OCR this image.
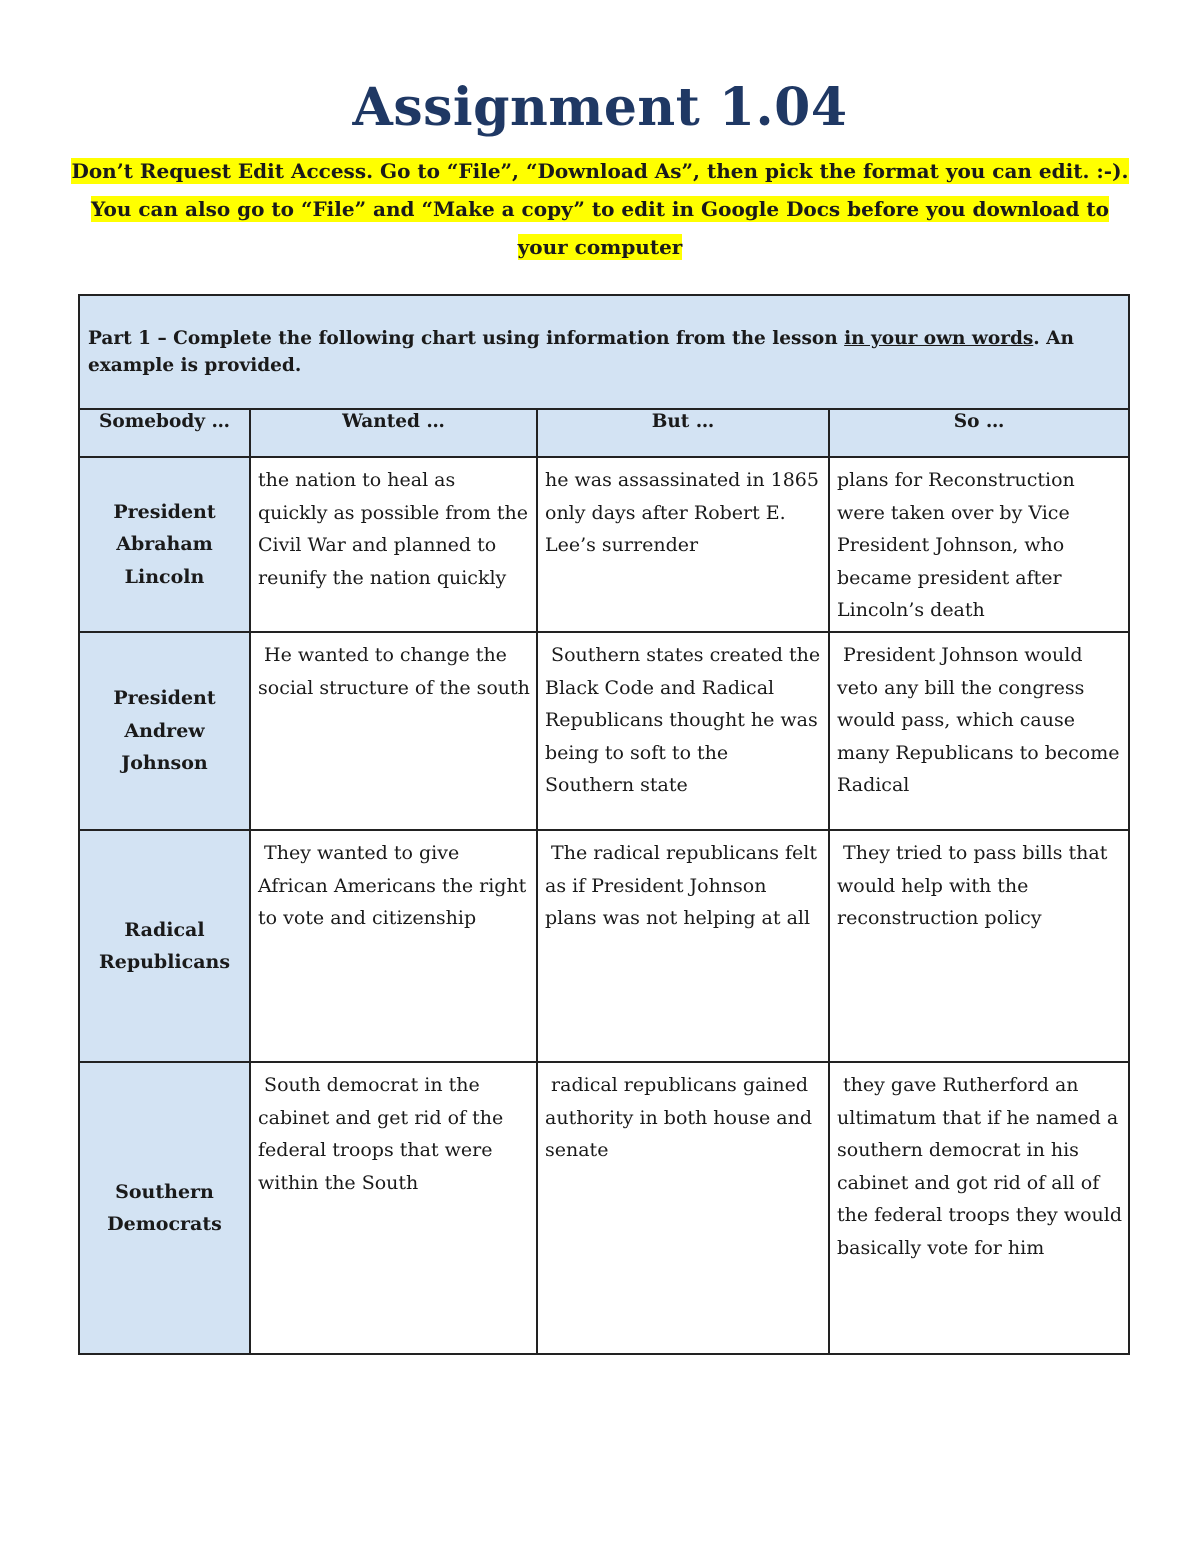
Assignment 1.04
Don’t Request Edit Access. Go to “File”, “Download As”, then pick the format you can edit. :-). You can also go to “File” and “Make a copy” to edit in Google Docs before you download to your computer
Part 1 – Complete the following chart using information from the lesson in your own words. An example is provided.			
Somebody …	Wanted …	But …	So …
President Abraham Lincoln	the nation to heal as quickly as possible from the Civil War and planned to reunify the nation quickly	he was assassinated in 1865 only days after Robert E. Lee’s surrender	plans for Reconstruction were taken over by Vice President Johnson, who became president after Lincoln’s death
President Andrew Johnson	He wanted to change the social structure of the south	Southern states created the Black Code and Radical Republicans thought he was being to soft to the Southern state	President Johnson would veto any bill the congress would pass, which cause many Republicans to become Radical
Radical Republicans	They wanted to give African Americans the right to vote and citizenship	The radical republicans felt as if President Johnson plans was not helping at all	They tried to pass bills that would help with the reconstruction policy
Southern Democrats	South democrat in the cabinet and get rid of the federal troops that were within the South	radical republicans gained authority in both house and senate	they gave Rutherford an ultimatum that if he named a southern democrat in his cabinet and got rid of all of the federal troops they would basically vote for him
